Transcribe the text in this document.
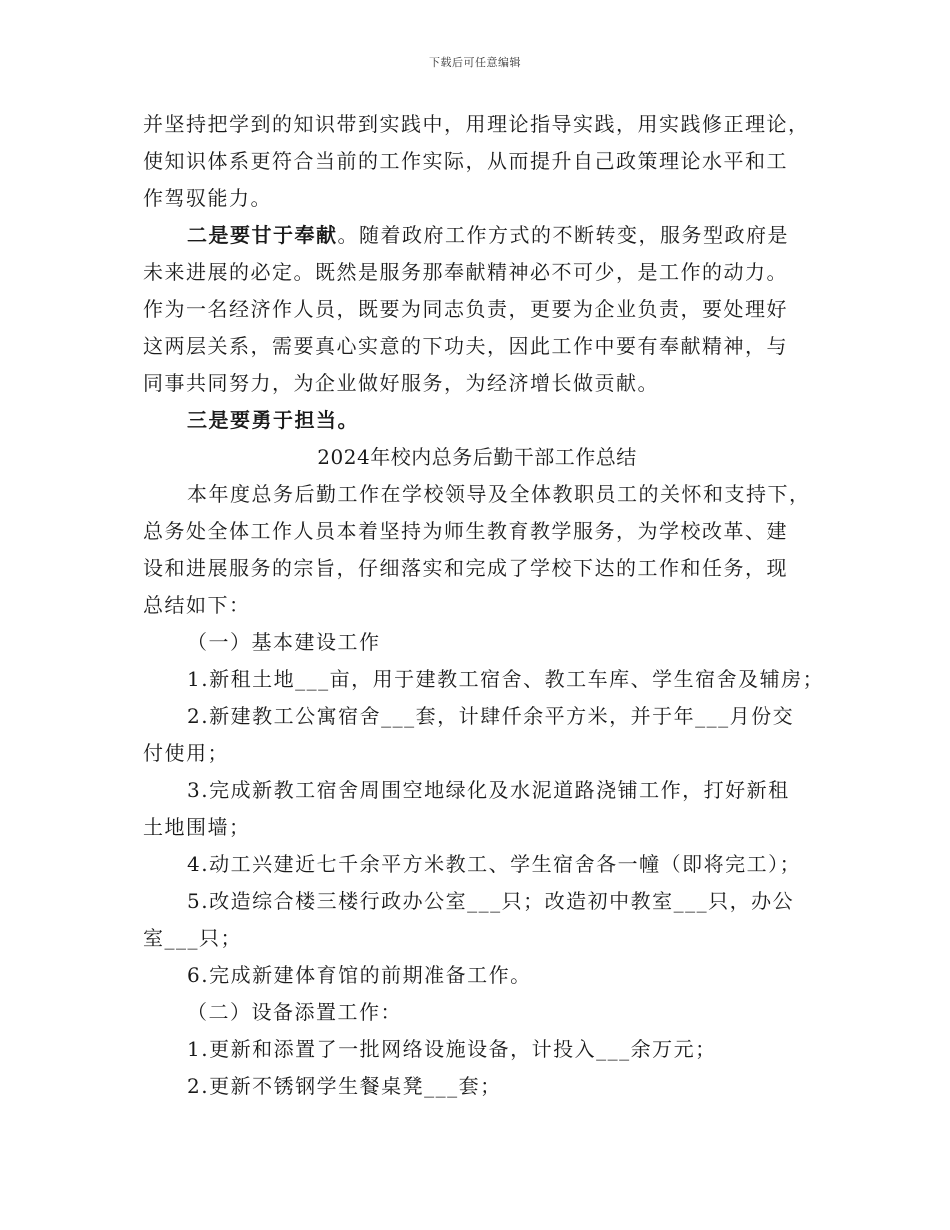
下载后可任意编辑
并坚持把学到的知识带到实践中，用理论指导实践，用实践修正理论，
使知识体系更符合当前的工作实际，从而提升自己政策理论水平和工
作驾驭能力。
二是要甘于奉献。随着政府工作方式的不断转变，服务型政府是
未来进展的必定。既然是服务那奉献精神必不可少，是工作的动力。
作为一名经济作人员，既要为同志负责，更要为企业负责，要处理好
这两层关系，需要真心实意的下功夫，因此工作中要有奉献精神，与
同事共同努力，为企业做好服务，为经济增长做贡献。
三是要勇于担当。
2024年校内总务后勤干部工作总结
本年度总务后勤工作在学校领导及全体教职员工的关怀和支持下，
总务处全体工作人员本着坚持为师生教育教学服务，为学校改革、建
设和进展服务的宗旨，仔细落实和完成了学校下达的工作和任务，现
总结如下：
（一）基本建设工作
1.新租土地___亩，用于建教工宿舍、教工车库、学生宿舍及辅房；
2.新建教工公寓宿舍___套，计肆仟余平方米，并于年___月份交
付使用；
3.完成新教工宿舍周围空地绿化及水泥道路浇铺工作，打好新租
土地围墙；
4.动工兴建近七千余平方米教工、学生宿舍各一幢（即将完工）；
5.改造综合楼三楼行政办公室___只；改造初中教室___只，办公
室___只；
6.完成新建体育馆的前期准备工作。
（二）设备添置工作：
1.更新和添置了一批网络设施设备，计投入___余万元；
2.更新不锈钢学生餐桌凳___套；
